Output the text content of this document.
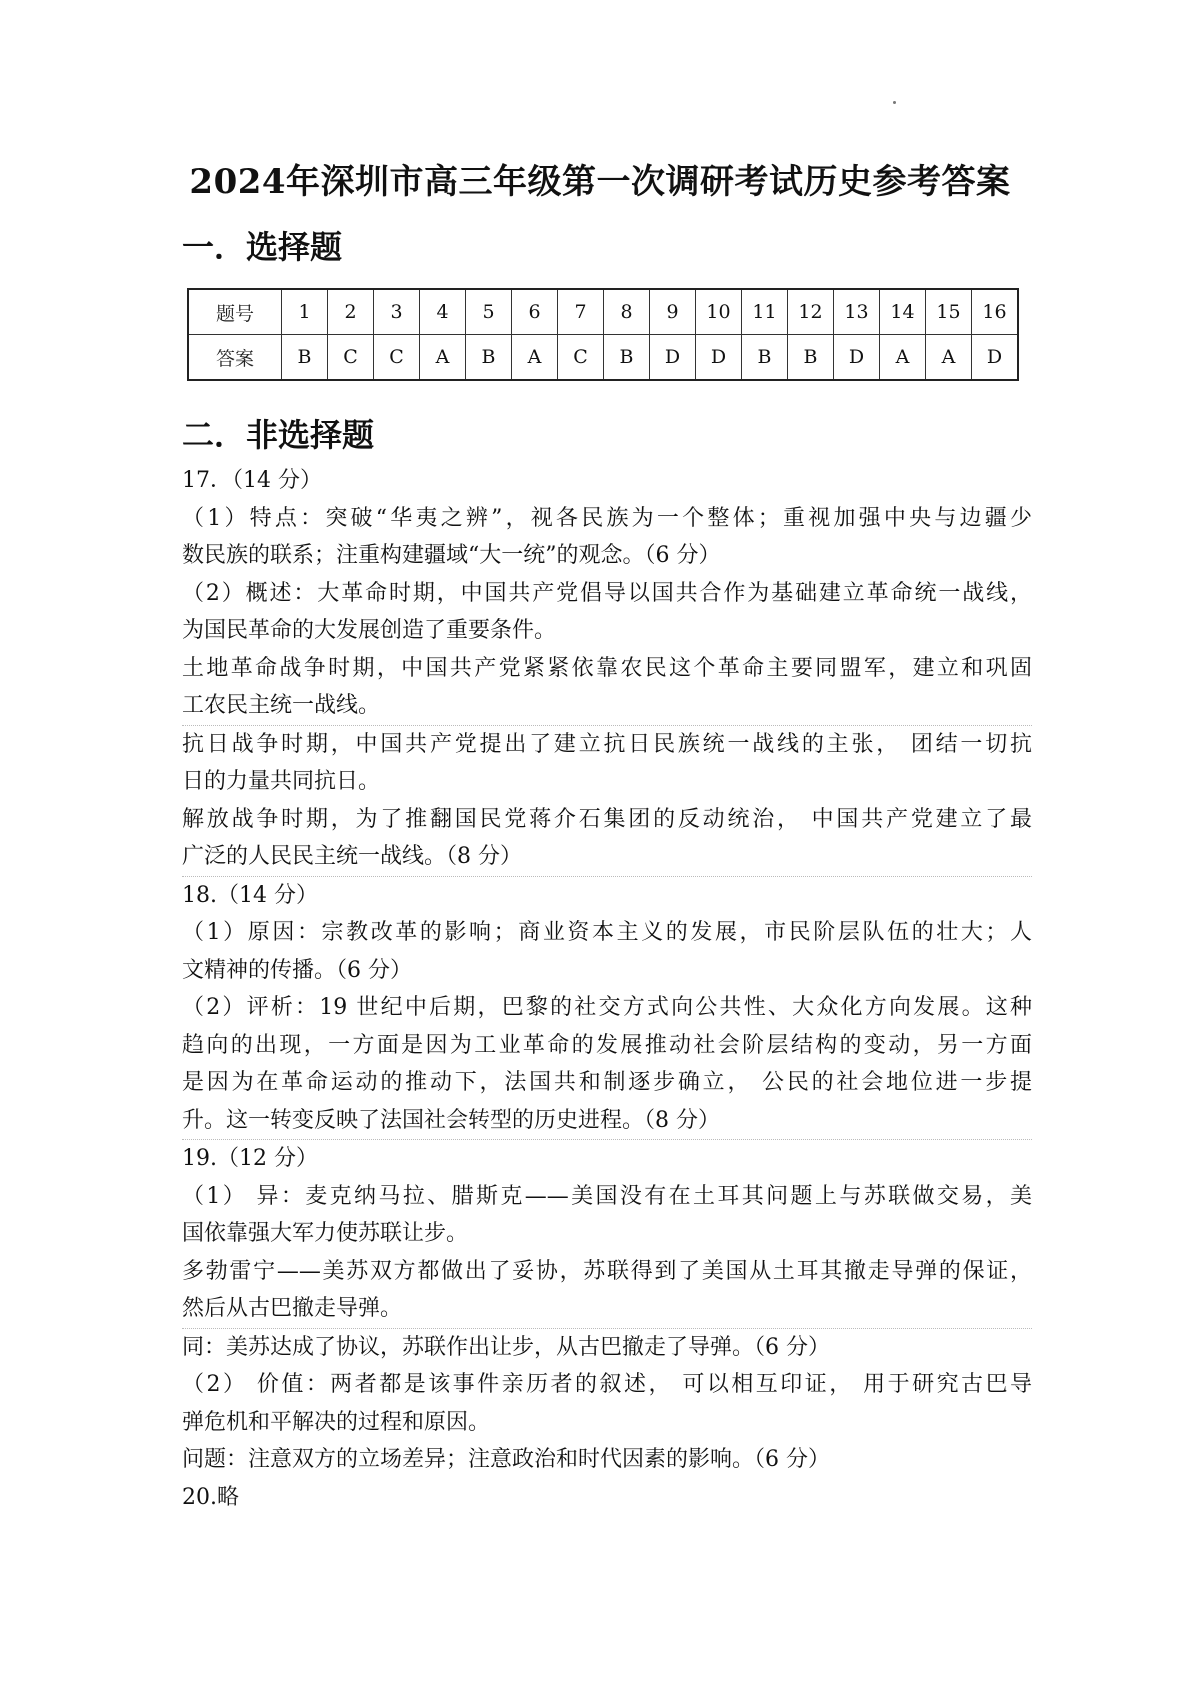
2024年深圳市高三年级第一次调研考试历史参考答案
一．选择题
题号	1	2	3	4	5	6	7	8	9	10	11	12	13	14	15	16
答案	B	C	C	A	B	A	C	B	D	D	B	B	D	A	A	D
二．非选择题
17．（14 分）
（1）特点：突破“华夷之辨”，视各民族为一个整体；重视加强中央与边疆少
数民族的联系；注重构建疆域“大一统”的观念。（6 分）
（2）概述：大革命时期，中国共产党倡导以国共合作为基础建立革命统一战线，
为国民革命的大发展创造了重要条件。
土地革命战争时期，中国共产党紧紧依靠农民这个革命主要同盟军，建立和巩固
工农民主统一战线。
抗日战争时期，中国共产党提出了建立抗日民族统一战线的主张， 团结一切抗
日的力量共同抗日。
解放战争时期，为了推翻国民党蒋介石集团的反动统治， 中国共产党建立了最
广泛的人民民主统一战线。（8 分）
18.（14 分）
（1）原因：宗教改革的影响；商业资本主义的发展，市民阶层队伍的壮大；人
文精神的传播。（6 分）
（2）评析：19 世纪中后期，巴黎的社交方式向公共性、大众化方向发展。这种
趋向的出现，一方面是因为工业革命的发展推动社会阶层结构的变动，另一方面
是因为在革命运动的推动下，法国共和制逐步确立， 公民的社会地位进一步提
升。这一转变反映了法国社会转型的历史进程。（8 分）
19.（12 分）
（1） 异：麦克纳马拉、腊斯克——美国没有在土耳其问题上与苏联做交易，美
国依靠强大军力使苏联让步。
多勃雷宁——美苏双方都做出了妥协，苏联得到了美国从土耳其撤走导弹的保证，
然后从古巴撤走导弹。
同：美苏达成了协议，苏联作出让步，从古巴撤走了导弹。（6 分）
（2） 价值：两者都是该事件亲历者的叙述， 可以相互印证， 用于研究古巴导
弹危机和平解决的过程和原因。
问题：注意双方的立场差异；注意政治和时代因素的影响。（6 分）
20.略
